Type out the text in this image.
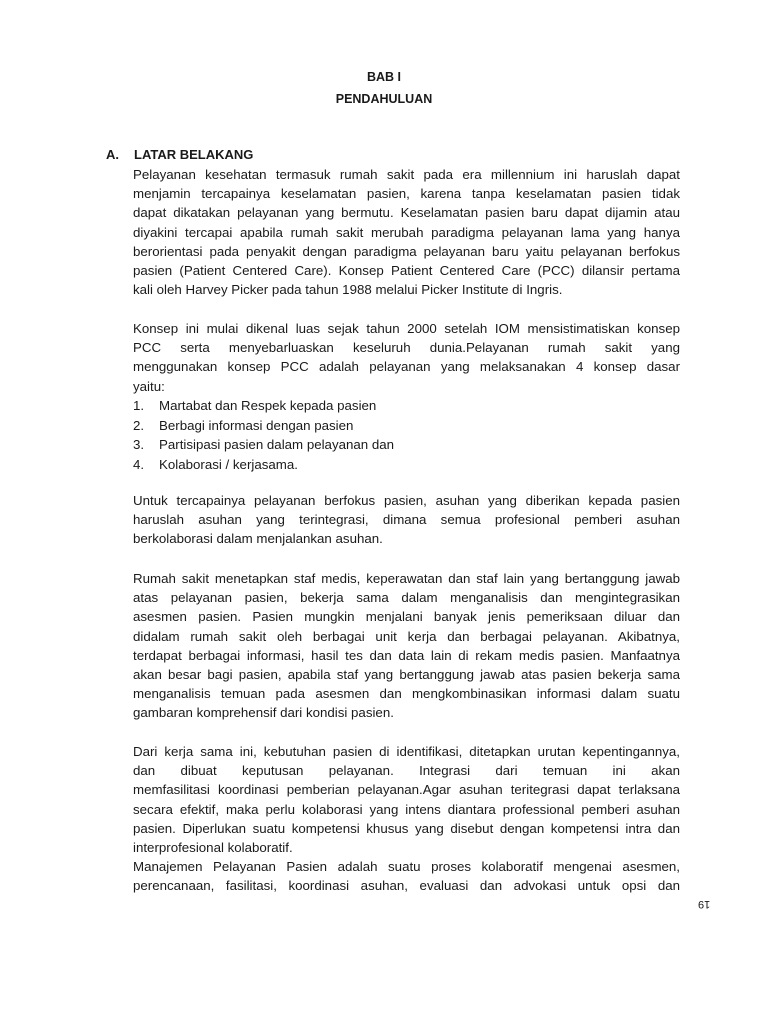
BAB I
PENDAHULUAN
A. LATAR BELAKANG
Pelayanan kesehatan termasuk rumah sakit pada era millennium ini haruslah dapat
menjamin tercapainya keselamatan pasien, karena tanpa keselamatan pasien tidak
dapat dikatakan pelayanan yang bermutu. Keselamatan pasien baru dapat dijamin atau
diyakini tercapai apabila rumah sakit merubah paradigma pelayanan lama yang hanya
berorientasi pada penyakit dengan paradigma pelayanan baru yaitu pelayanan berfokus
pasien (Patient Centered Care). Konsep Patient Centered Care (PCC) dilansir pertama
kali oleh Harvey Picker pada tahun 1988 melalui Picker Institute di Ingris.
Konsep ini mulai dikenal luas sejak tahun 2000 setelah IOM mensistimatiskan konsep
PCC serta menyebarluaskan keseluruh dunia.Pelayanan rumah sakit yang
menggunakan konsep PCC adalah pelayanan yang melaksanakan 4 konsep dasar
yaitu:
1.	Martabat dan Respek kepada pasien
2.	Berbagi informasi dengan pasien
3.	Partisipasi pasien dalam pelayanan dan
4.	Kolaborasi / kerjasama.
Untuk tercapainya pelayanan berfokus pasien, asuhan yang diberikan kepada pasien
haruslah asuhan yang terintegrasi, dimana semua profesional pemberi asuhan
berkolaborasi dalam menjalankan asuhan.
Rumah sakit menetapkan staf medis, keperawatan dan staf lain yang bertanggung jawab
atas pelayanan pasien, bekerja sama dalam menganalisis dan mengintegrasikan
asesmen pasien. Pasien mungkin menjalani banyak jenis pemeriksaan diluar dan
didalam rumah sakit oleh berbagai unit kerja dan berbagai pelayanan. Akibatnya,
terdapat berbagai informasi, hasil tes dan data lain di rekam medis pasien. Manfaatnya
akan besar bagi pasien, apabila staf yang bertanggung jawab atas pasien bekerja sama
menganalisis temuan pada asesmen dan mengkombinasikan informasi dalam suatu
gambaran komprehensif dari kondisi pasien.
Dari kerja sama ini, kebutuhan pasien di identifikasi, ditetapkan urutan kepentingannya,
dan dibuat keputusan pelayanan. Integrasi dari temuan ini akan
memfasilitasi koordinasi pemberian pelayanan.Agar asuhan teritegrasi dapat terlaksana
secara efektif, maka perlu kolaborasi yang intens diantara professional pemberi asuhan
pasien. Diperlukan suatu kompetensi khusus yang disebut dengan kompetensi intra dan
interprofesional kolaboratif.
Manajemen Pelayanan Pasien adalah suatu proses kolaboratif mengenai asesmen,
perencanaan, fasilitasi, koordinasi asuhan, evaluasi dan advokasi untuk opsi dan
19
